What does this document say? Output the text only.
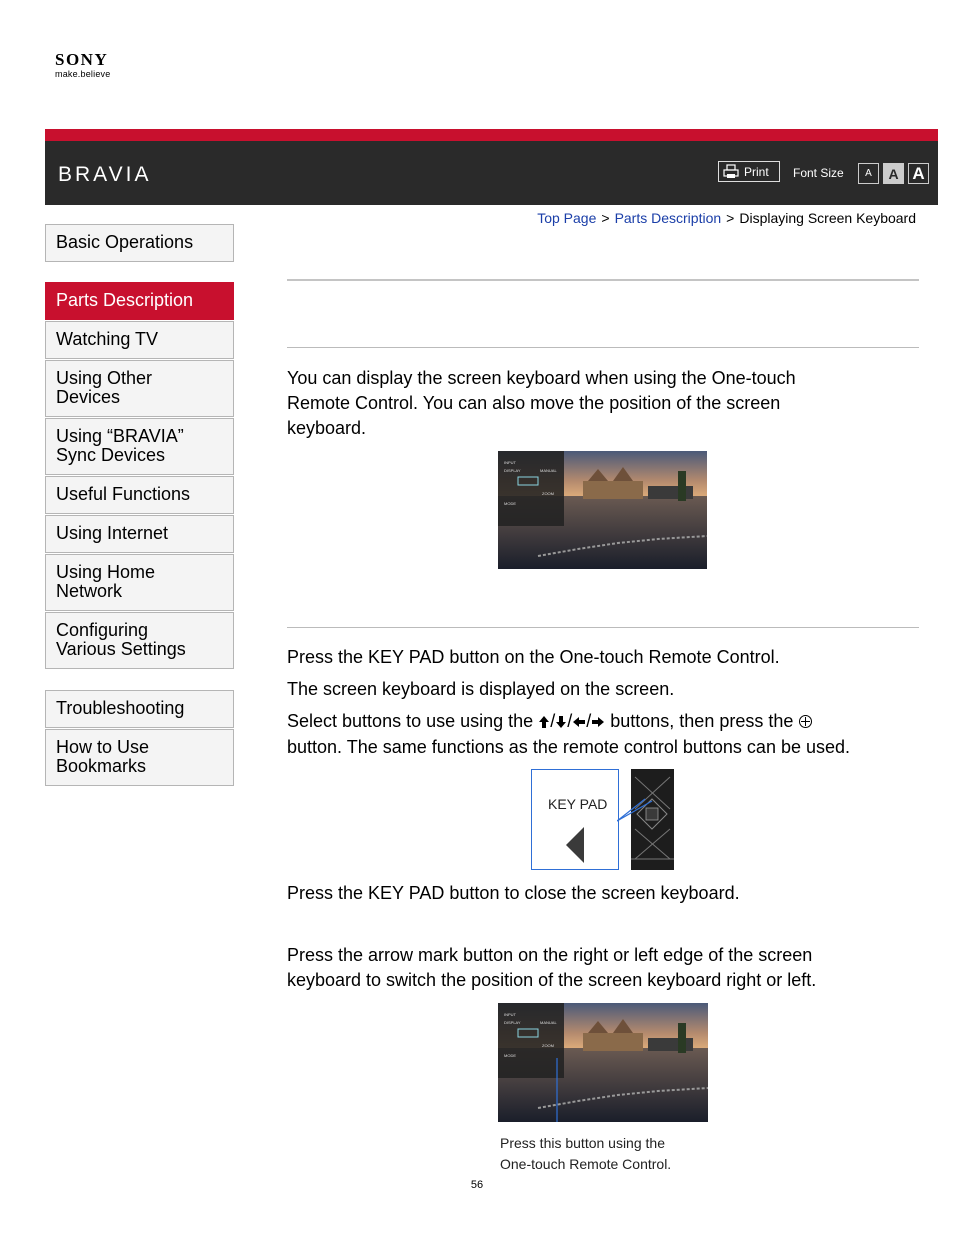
SONY
make.believe
BRAVIA	Print Font Size	A	A A
Top Page > Parts Description > Displaying Screen Keyboard
Basic Operations
Parts Description
Watching TV
Using Other
Devices
Using “BRAVIA”
Sync Devices
Useful Functions
Using Internet
Using Home
Network
Configuring
Various Settings
Troubleshooting
How to Use
Bookmarks
You can display the screen keyboard when using the One-touch
Remote Control. You can also move the position of the screen
keyboard.
INPUT
DISPLAY
ZOOM
MODE
MANUAL
Press the KEY PAD button on the One-touch Remote Control.
The screen keyboard is displayed on the screen.
Select buttons to use using the / / / buttons, then press the
button. The same functions as the remote control buttons can be used.
KEY PAD
Press the KEY PAD button to close the screen keyboard.
Press the arrow mark button on the right or left edge of the screen
keyboard to switch the position of the screen keyboard right or left.
INPUT
DISPLAY
ZOOM
MODE
MANUAL
Press this button using the
One-touch Remote Control.
56
